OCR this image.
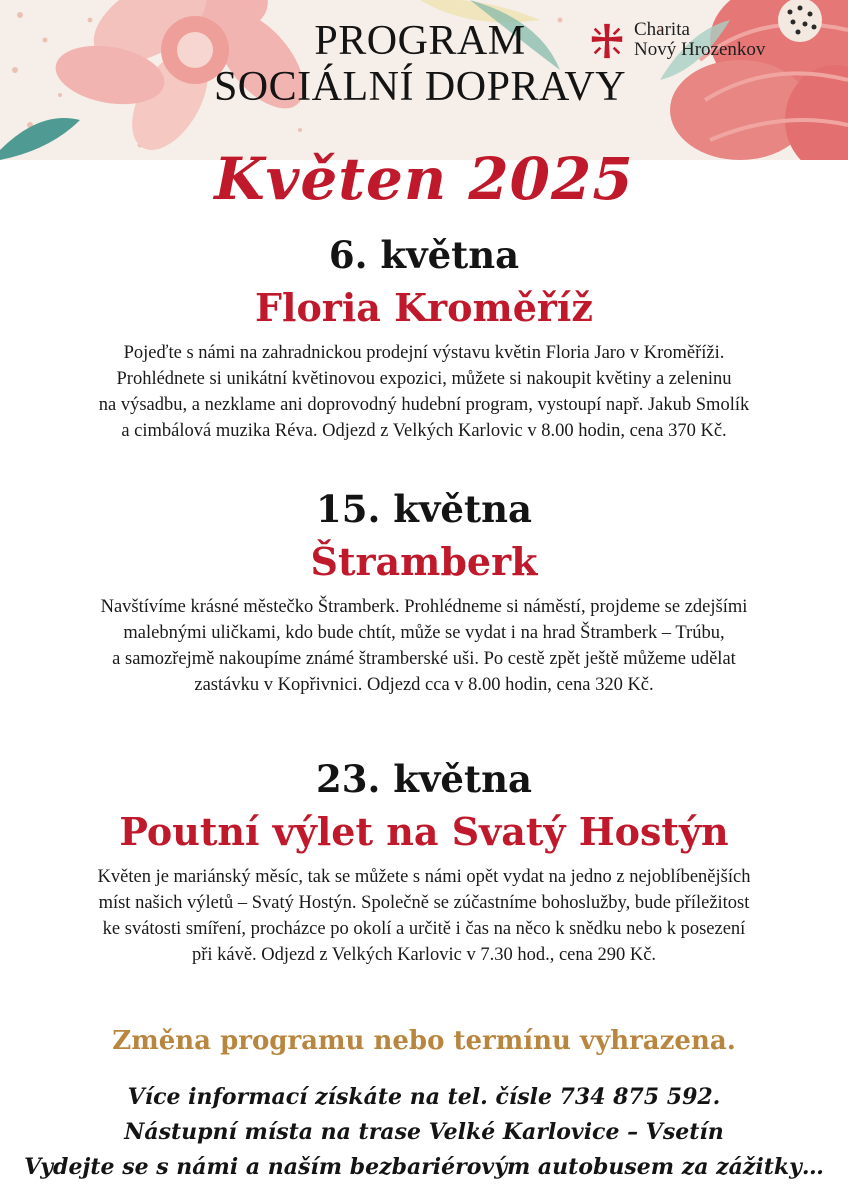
PROGRAM
SOCIÁLNÍ DOPRAVY
Charita
Nový Hrozenkov
Květen 2025
6. května
Floria Kroměříž
Pojeďte s námi na zahradnickou prodejní výstavu květin Floria Jaro v Kroměříži.
Prohlédnete si unikátní květinovou expozici, můžete si nakoupit květiny a zeleninu
na výsadbu, a nezklame ani doprovodný hudební program, vystoupí např. Jakub Smolík
a cimbálová muzika Réva. Odjezd z Velkých Karlovic v 8.00 hodin, cena 370 Kč.
15. května
Štramberk
Navštívíme krásné městečko Štramberk. Prohlédneme si náměstí, projdeme se zdejšími
malebnými uličkami, kdo bude chtít, může se vydat i na hrad Štramberk – Trúbu,
a samozřejmě nakoupíme známé štramberské uši. Po cestě zpět ještě můžeme udělat
zastávku v Kopřivnici. Odjezd cca v 8.00 hodin, cena 320 Kč.
23. května
Poutní výlet na Svatý Hostýn
Květen je mariánský měsíc, tak se můžete s námi opět vydat na jedno z nejoblíbenějších
míst našich výletů – Svatý Hostýn. Společně se zúčastníme bohoslužby, bude příležitost
ke svátosti smíření, procházce po okolí a určitě i čas na něco k snědku nebo k posezení
při kávě. Odjezd z Velkých Karlovic v 7.30 hod., cena 290 Kč.
Změna programu nebo termínu vyhrazena.
Více informací získáte na tel. čísle 734 875 592.
Nástupní místa na trase Velké Karlovice – Vsetín
Vydejte se s námi a naším bezbariérovým autobusem za zážitky…
